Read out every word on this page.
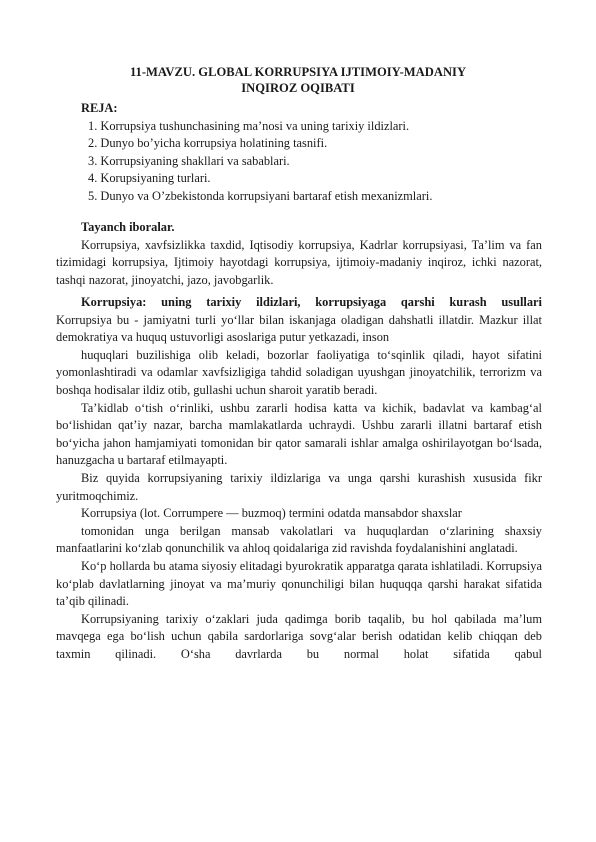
11-MAVZU. GLOBAL KORRUPSIYA IJTIMOIY-MADANIY
INQIROZ OQIBATI
REJA:
1. Korrupsiya tushunchasining ma’nosi va uning tarixiy ildizlari.
2. Dunyo bo’yicha korrupsiya holatining tasnifi.
3. Korrupsiyaning shakllari va sabablari.
4. Korupsiyaning turlari.
5. Dunyo va O’zbekistonda korrupsiyani bartaraf etish mexanizmlari.
Tayanch iboralar.

Korrupsiya, xavfsizlikka taxdid, Iqtisodiy korrupsiya, Kadrlar korrupsiyasi, Ta’lim va fan tizimidagi korrupsiya, Ijtimoiy hayotdagi korrupsiya, ijtimoiy-madaniy inqiroz, ichki nazorat, tashqi nazorat, jinoyatchi, jazo, javobgarlik.

Korrupsiya: uning tarixiy ildizlari, korrupsiyaga qarshi kurash usullari

Korrupsiya bu - jamiyatni turli yo‘llar bilan iskanjaga oladigan dahshatli illatdir. Mazkur illat demokratiya va huquq ustuvorligi asoslariga putur yetkazadi, inson

huquqlari buzilishiga olib keladi, bozorlar faoliyatiga to‘sqinlik qiladi, hayot sifatini yomonlashtiradi va odamlar xavfsizligiga tahdid soladigan uyushgan jinoyatchilik, terrorizm va boshqa hodisalar ildiz otib, gullashi uchun sharoit yaratib beradi.

Ta’kidlab o‘tish o‘rinliki, ushbu zararli hodisa katta va kichik, badavlat va kambag‘al bo‘lishidan qat’iy nazar, barcha mamlakatlarda uchraydi. Ushbu zararli illatni bartaraf etish bo‘yicha jahon hamjamiyati tomonidan bir qator samarali ishlar amalga oshirilayotgan bo‘lsada, hanuzgacha u bartaraf etilmayapti.

Biz quyida korrupsiyaning tarixiy ildizlariga va unga qarshi kurashish xususida fikr yuritmoqchimiz.

Korrupsiya (lot. Corrumpere — buzmoq) termini odatda mansabdor shaxslar

tomonidan unga berilgan mansab vakolatlari va huquqlardan o‘zlarining shaxsiy manfaatlarini ko‘zlab qonunchilik va ahloq qoidalariga zid ravishda foydalanishini anglatadi.

Ko‘p hollarda bu atama siyosiy elitadagi byurokratik apparatga qarata ishlatiladi. Korrupsiya ko‘plab davlatlarning jinoyat va ma’muriy qonunchiligi bilan huquqqa qarshi harakat sifatida ta’qib qilinadi.

Korrupsiyaning tarixiy o‘zaklari juda qadimga borib taqalib, bu hol qabilada ma’lum mavqega ega bo‘lish uchun qabila sardorlariga sovg‘alar berish odatidan kelib chiqqan deb taxmin qilinadi. O‘sha davrlarda bu normal holat sifatida qabul
